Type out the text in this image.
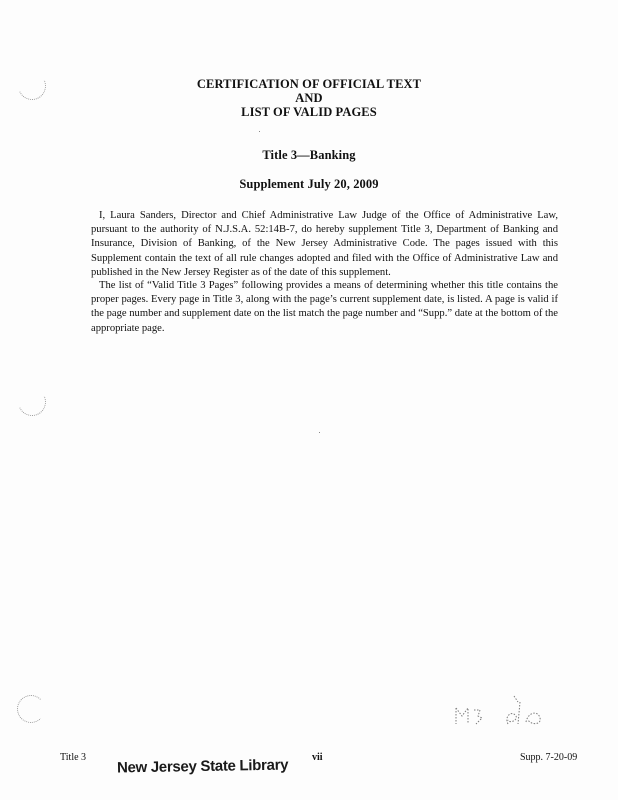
CERTIFICATION OF OFFICIAL TEXT
AND
LIST OF VALID PAGES
Title 3—Banking
Supplement July 20, 2009

I, Laura Sanders, Director and Chief Administrative Law Judge of the Office of Administrative Law, pursuant to the authority of N.J.S.A. 52:14B-7, do hereby supplement Title 3, Department of Banking and Insurance, Division of Banking, of the New Jersey Administrative Code. The pages issued with this Supplement contain the text of all rule changes adopted and filed with the Office of Administrative Law and published in the New Jersey Register as of the date of this supplement.

The list of “Valid Title 3 Pages” following provides a means of determining whether this title contains the proper pages. Every page in Title 3, along with the page’s current supplement date, is listed. A page is valid if the page number and supplement date on the list match the page number and “Supp.” date at the bottom of the appropriate page.

Title 3	vii	Supp. 7-20-09
New Jersey State Library
